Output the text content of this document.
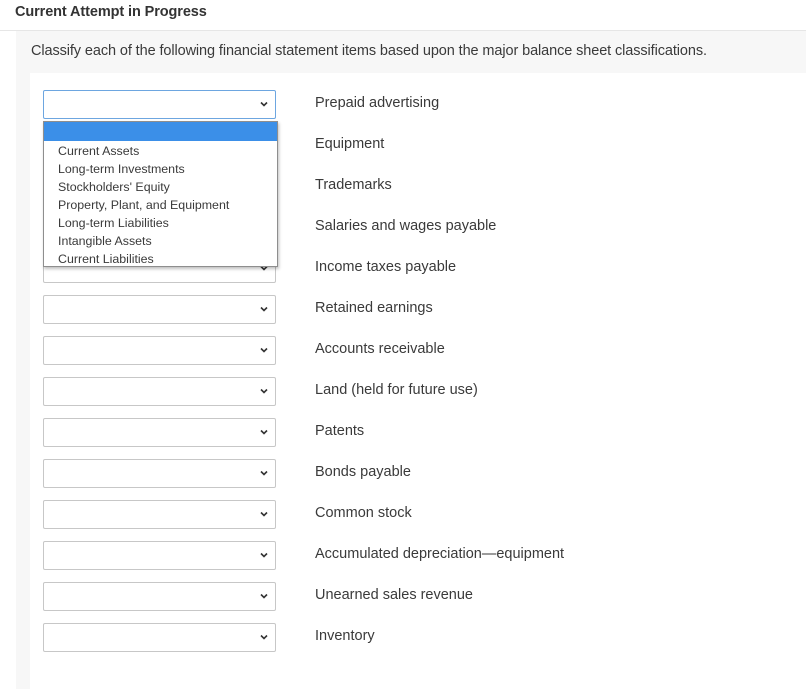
Current Attempt in Progress
Classify each of the following financial statement items based upon the major balance sheet classifications.
Prepaid advertising
Equipment
Trademarks
Salaries and wages payable
Income taxes payable
Retained earnings
Accounts receivable
Land (held for future use)
Patents
Bonds payable
Common stock
Accumulated depreciation—equipment
Unearned sales revenue
Inventory
Current Assets
Long-term Investments
Stockholders' Equity
Property, Plant, and Equipment
Long-term Liabilities
Intangible Assets
Current Liabilities
